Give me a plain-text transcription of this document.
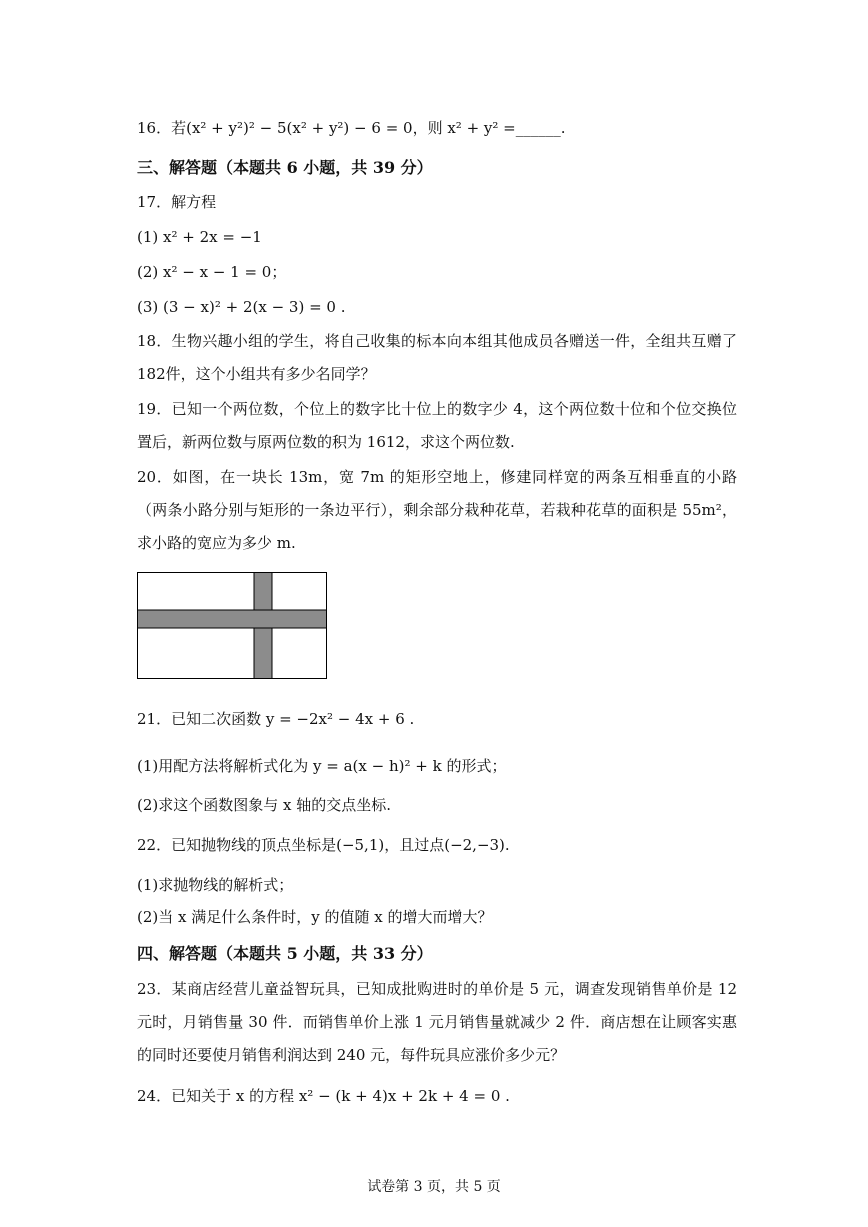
16．若(x² + y²)² − 5(x² + y²) − 6 = 0，则 x² + y² =______.
三、解答题（本题共 6 小题，共 39 分）
17．解方程
(1) x² + 2x = −1
(2) x² − x − 1 = 0；
(3) (3 − x)² + 2(x − 3) = 0 .
18．生物兴趣小组的学生，将自己收集的标本向本组其他成员各赠送一件，全组共互赠了182件，这个小组共有多少名同学？
19．已知一个两位数，个位上的数字比十位上的数字少 4，这个两位数十位和个位交换位置后，新两位数与原两位数的积为 1612，求这个两位数.
20．如图，在一块长 13m，宽 7m 的矩形空地上，修建同样宽的两条互相垂直的小路（两条小路分别与矩形的一条边平行），剩余部分栽种花草，若栽种花草的面积是 55m²，求小路的宽应为多少 m.
21．已知二次函数 y = −2x² − 4x + 6 .
(1)用配方法将解析式化为 y = a(x − h)² + k 的形式；
(2)求这个函数图象与 x 轴的交点坐标.
22．已知抛物线的顶点坐标是(−5,1)，且过点(−2,−3).
(1)求抛物线的解析式；
(2)当 x 满足什么条件时，y 的值随 x 的增大而增大？
四、解答题（本题共 5 小题，共 33 分）
23．某商店经营儿童益智玩具，已知成批购进时的单价是 5 元，调查发现销售单价是 12 元时，月销售量 30 件．而销售单价上涨 1 元月销售量就减少 2 件．商店想在让顾客实惠的同时还要使月销售利润达到 240 元，每件玩具应涨价多少元？
24．已知关于 x 的方程 x² − (k + 4)x + 2k + 4 = 0 .
试卷第 3 页，共 5 页
